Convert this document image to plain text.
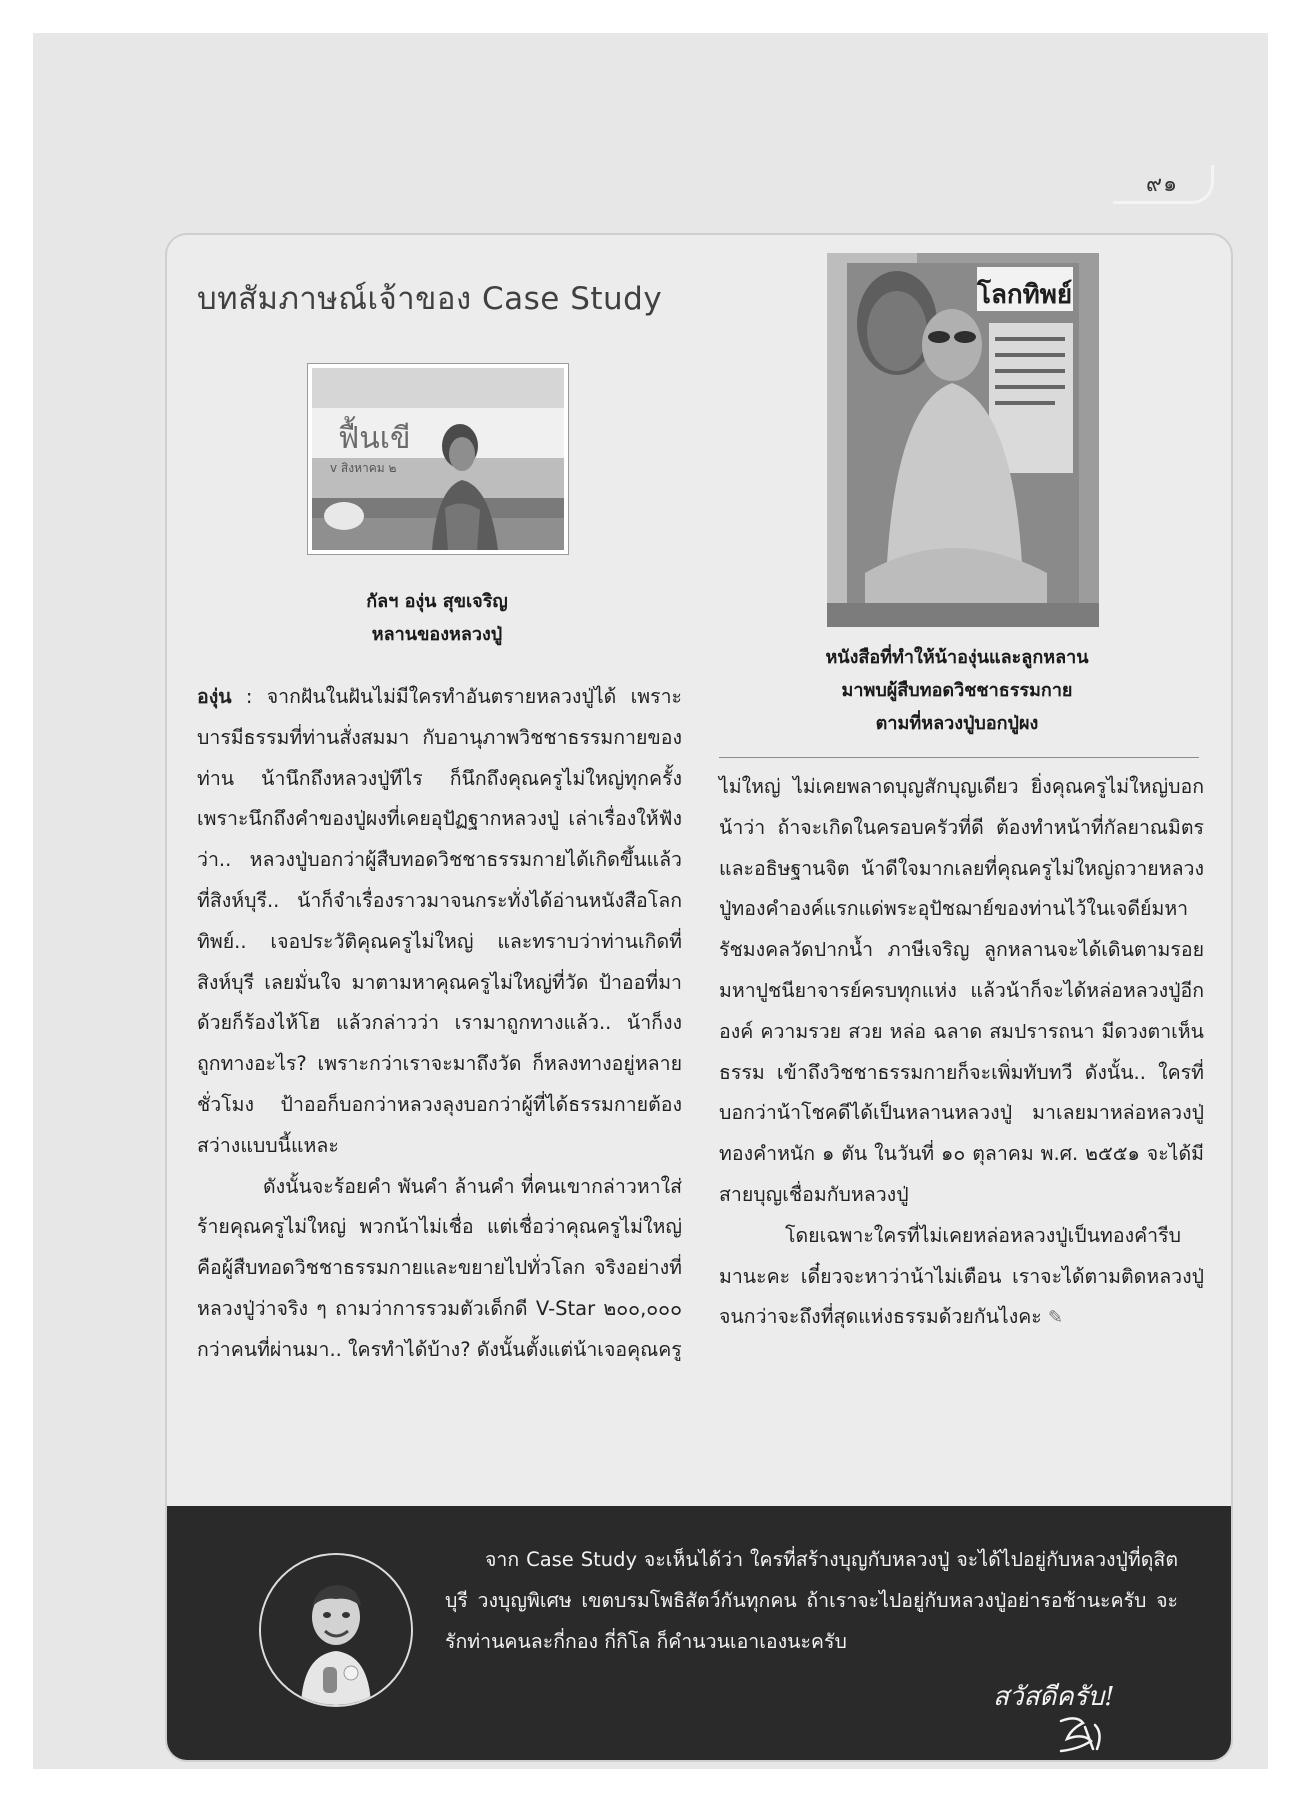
๙๑
บทสัมภาษณ์เจ้าของ Case Study
ฟื้นเขี
v สิงหาคม ๒
โลกทิพย์
กัลฯ องุ่น สุขเจริญ
หลานของหลวงปู่
หนังสือที่ทำให้น้าองุ่นและลูกหลาน
มาพบผู้สืบทอดวิชชาธรรมกาย
ตามที่หลวงปู่บอกปู่ผง

องุ่น : จากฝันในฝันไม่มีใครทำอันตรายหลวงปู่ได้ เพราะบารมีธรรมที่ท่านสั่งสมมา กับอานุภาพวิชชาธรรมกายของท่าน น้านึกถึงหลวงปู่ทีไร ก็นึกถึงคุณครูไม่ใหญ่ทุกครั้ง เพราะนึกถึงคำของปู่ผงที่เคยอุปัฏฐากหลวงปู่ เล่าเรื่องให้ฟังว่า.. หลวงปู่บอกว่าผู้สืบทอดวิชชาธรรมกายได้เกิดขึ้นแล้วที่สิงห์บุรี.. น้าก็จำเรื่องราวมาจนกระทั่งได้อ่านหนังสือโลกทิพย์.. เจอประวัติคุณครูไม่ใหญ่ และทราบว่าท่านเกิดที่สิงห์บุรี เลยมั่นใจ มาตามหาคุณครูไม่ใหญ่ที่วัด ป้าออที่มาด้วยก็ร้องไห้โฮ แล้วกล่าวว่า เรามาถูกทางแล้ว.. น้าก็งง ถูกทางอะไร? เพราะกว่าเราจะมาถึงวัด ก็หลงทางอยู่หลายชั่วโมง ป้าออก็บอกว่าหลวงลุงบอกว่าผู้ที่ได้ธรรมกายต้องสว่างแบบนี้แหละ

ดังนั้นจะร้อยคำ พันคำ ล้านคำ ที่คนเขากล่าวหาใส่ร้ายคุณครูไม่ใหญ่ พวกน้าไม่เชื่อ แต่เชื่อว่าคุณครูไม่ใหญ่คือผู้สืบทอดวิชชาธรรมกายและขยายไปทั่วโลก จริงอย่างที่หลวงปู่ว่าจริง ๆ ถามว่าการรวมตัวเด็กดี V-Star ๒๐๐,๐๐๐ กว่าคนที่ผ่านมา.. ใครทำได้บ้าง? ดังนั้นตั้งแต่น้าเจอคุณครู

ไม่ใหญ่ ไม่เคยพลาดบุญสักบุญเดียว ยิ่งคุณครูไม่ใหญ่บอกน้าว่า ถ้าจะเกิดในครอบครัวที่ดี ต้องทำหน้าที่กัลยาณมิตรและอธิษฐานจิต น้าดีใจมากเลยที่คุณครูไม่ใหญ่ถวายหลวงปู่ทองคำองค์แรกแด่พระอุปัชฌาย์ของท่านไว้ในเจดีย์มหารัชมงคลวัดปากน้ำ ภาษีเจริญ ลูกหลานจะได้เดินตามรอยมหาปูชนียาจารย์ครบทุกแห่ง แล้วน้าก็จะได้หล่อหลวงปู่อีกองค์ ความรวย สวย หล่อ ฉลาด สมปรารถนา มีดวงตาเห็นธรรม เข้าถึงวิชชาธรรมกายก็จะเพิ่มทับทวี ดังนั้น.. ใครที่บอกว่าน้าโชคดีได้เป็นหลานหลวงปู่ มาเลยมาหล่อหลวงปู่ทองคำหนัก ๑ ตัน ในวันที่ ๑๐ ตุลาคม พ.ศ. ๒๕๕๑ จะได้มีสายบุญเชื่อมกับหลวงปู่

โดยเฉพาะใครที่ไม่เคยหล่อหลวงปู่เป็นทองคำรีบมานะคะ เดี๋ยวจะหาว่าน้าไม่เตือน เราจะได้ตามติดหลวงปู่จนกว่าจะถึงที่สุดแห่งธรรมด้วยกันไงคะ ✎

จาก Case Study จะเห็นได้ว่า ใครที่สร้างบุญกับหลวงปู่ จะได้ไปอยู่กับหลวงปู่ที่ดุสิตบุรี วงบุญพิเศษ เขตบรมโพธิสัตว์กันทุกคน ถ้าเราจะไปอยู่กับหลวงปู่อย่ารอช้านะครับ จะรักท่านคนละกี่กอง กี่กิโล ก็คำนวนเอาเองนะครับ

สวัสดีครับ!
